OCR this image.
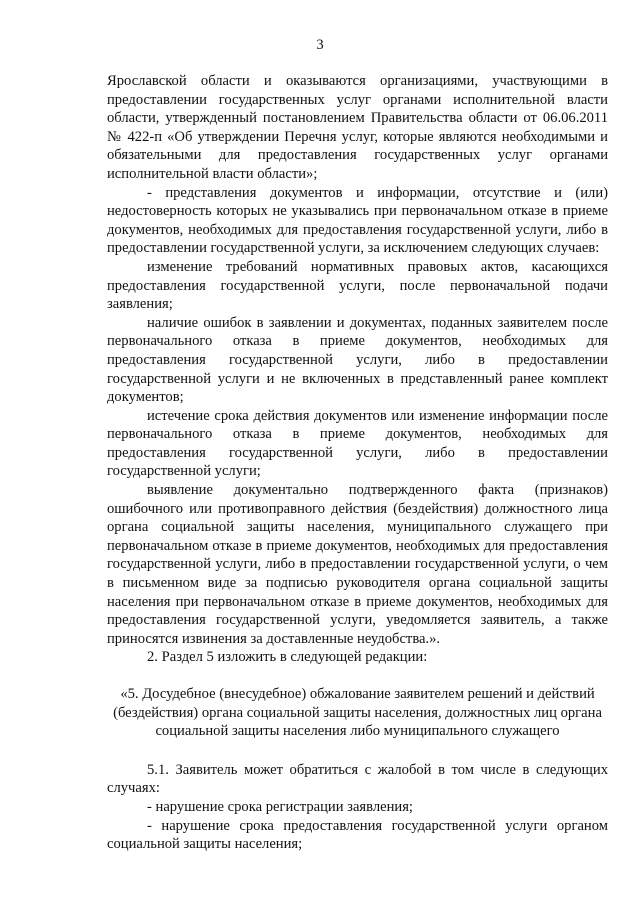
3

Ярославской области и оказываются организациями, участвующими в предоставлении государственных услуг органами исполнительной власти области, утвержденный постановлением Правительства области от 06.06.2011 № 422-п «Об утверждении Перечня услуг, которые являются необходимыми и обязательными для предоставления государственных услуг органами исполнительной власти области»;

- представления документов и информации, отсутствие и (или) недостоверность которых не указывались при первоначальном отказе в приеме документов, необходимых для предоставления государственной услуги, либо в предоставлении государственной услуги, за исключением следующих случаев:

изменение требований нормативных правовых актов, касающихся предоставления государственной услуги, после первоначальной подачи заявления;

наличие ошибок в заявлении и документах, поданных заявителем после первоначального отказа в приеме документов, необходимых для предоставления государственной услуги, либо в предоставлении государственной услуги и не включенных в представленный ранее комплект документов;

истечение срока действия документов или изменение информации после первоначального отказа в приеме документов, необходимых для предоставления государственной услуги, либо в предоставлении государственной услуги;

выявление документально подтвержденного факта (признаков) ошибочного или противоправного действия (бездействия) должностного лица органа социальной защиты населения, муниципального служащего при первоначальном отказе в приеме документов, необходимых для предоставления государственной услуги, либо в предоставлении государственной услуги, о чем в письменном виде за подписью руководителя органа социальной защиты населения при первоначальном отказе в приеме документов, необходимых для предоставления государственной услуги, уведомляется заявитель, а также приносятся извинения за доставленные неудобства.».

2. Раздел 5 изложить в следующей редакции:

«5. Досудебное (внесудебное) обжалование заявителем решений и действий
(бездействия) органа социальной защиты населения, должностных лиц органа
социальной защиты населения либо муниципального служащего

5.1. Заявитель может обратиться с жалобой в том числе в следующих случаях:

- нарушение срока регистрации заявления;

- нарушение срока предоставления государственной услуги органом социальной защиты населения;
